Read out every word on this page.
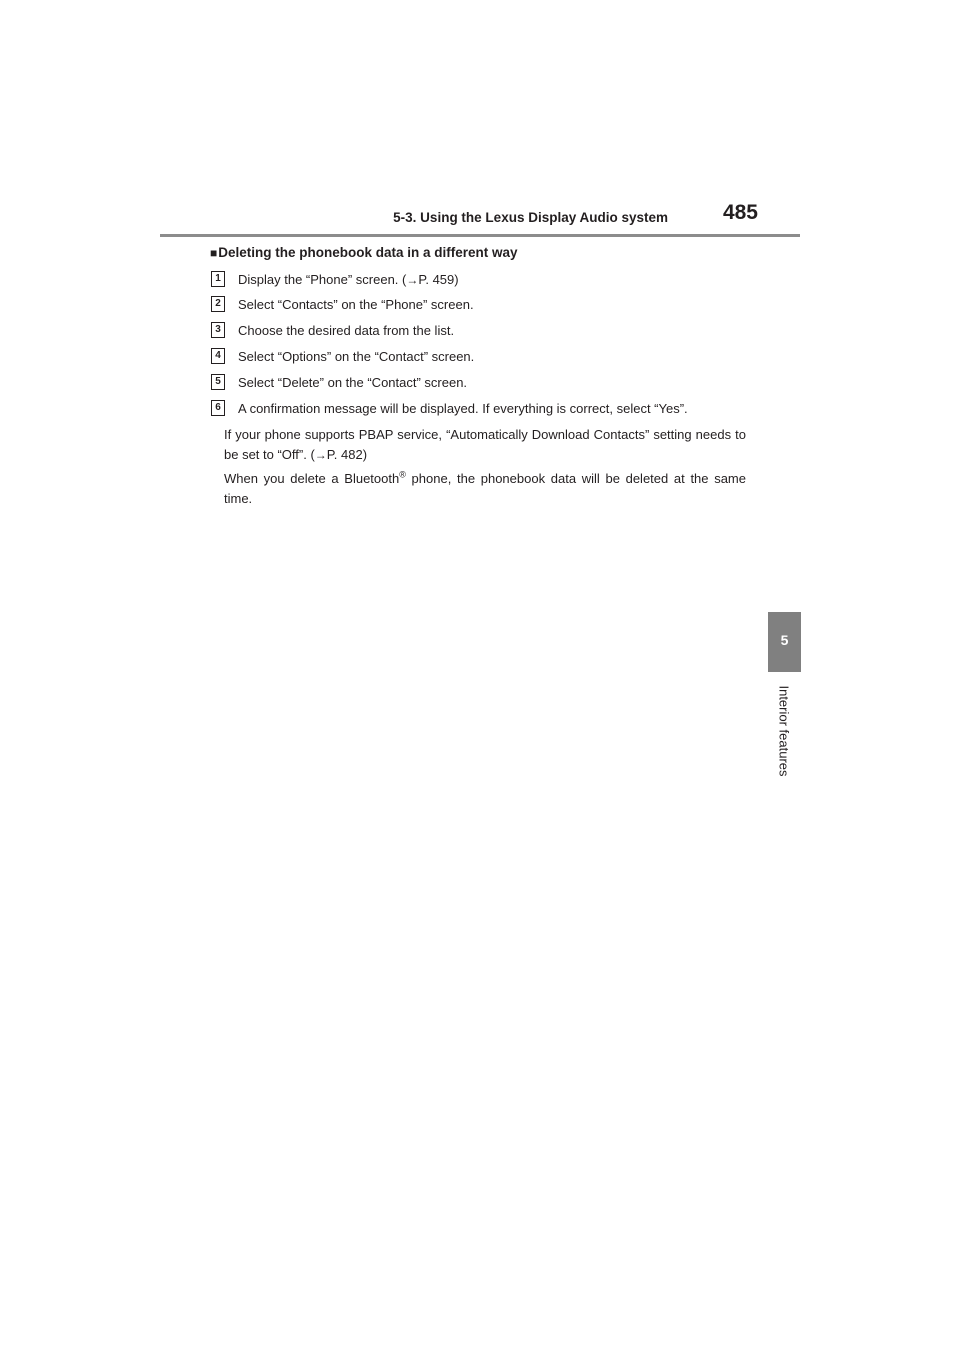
5-3. Using the Lexus Display Audio system	485
5
Interior features
■Deleting the phonebook data in a different way
1	Display the “Phone” screen. (→P. 459)
2	Select “Contacts” on the “Phone” screen.
3	Choose the desired data from the list.
4	Select “Options” on the “Contact” screen.
5	Select “Delete” on the “Contact” screen.
6	A confirmation message will be displayed. If everything is correct, select “Yes”.
If your phone supports PBAP service, “Automatically Download Contacts” setting needs to be set to “Off”. (→P. 482)
When you delete a Bluetooth® phone, the phonebook data will be deleted at the same time.
